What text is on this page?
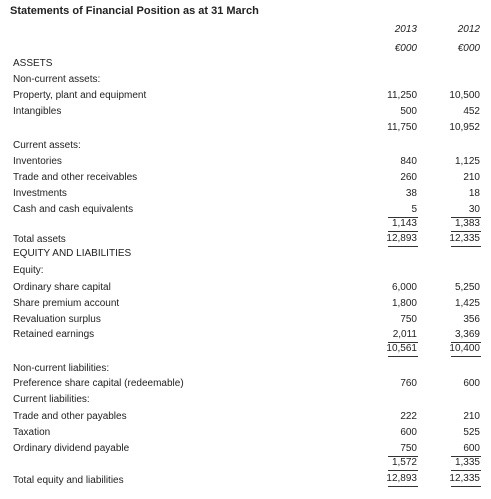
Statements of Financial Position as at 31 March
2013	2012
€000	€000
ASSETS
Non-current assets:
Property, plant and equipment	11,250	10,500
Intangibles	500	452
11,750	10,952
Current assets:
Inventories	840	1,125
Trade and other receivables	260	210
Investments	38	18
Cash and cash equivalents	5	30
1,143	1,383
Total assets	12,893	12,335
EQUITY AND LIABILITIES
Equity:
Ordinary share capital	6,000	5,250
Share premium account	1,800	1,425
Revaluation surplus	750	356
Retained earnings	2,011	3,369
10,561	10,400
Non-current liabilities:
Preference share capital (redeemable)	760	600
Current liabilities:
Trade and other payables	222	210
Taxation	600	525
Ordinary dividend payable	750	600
1,572	1,335
Total equity and liabilities	12,893	12,335
